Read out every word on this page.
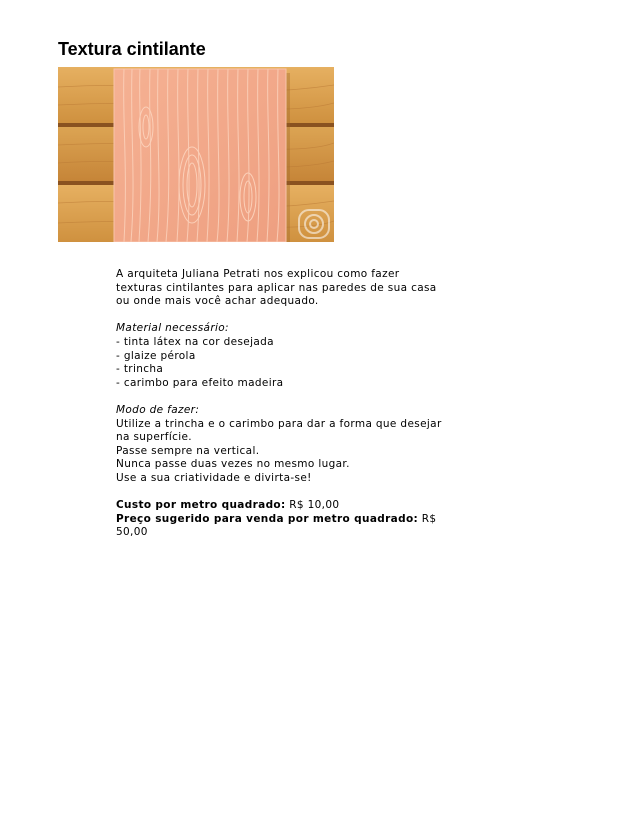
Textura cintilante

A arquiteta Juliana Petrati nos explicou como fazer texturas cintilantes para aplicar nas paredes de sua casa ou onde mais você achar adequado.

Material necessário:
- tinta látex na cor desejada
- glaize pérola
- trincha
- carimbo para efeito madeira
Modo de fazer:
Utilize a trincha e o carimbo para dar a forma que desejar na superfície.
Passe sempre na vertical.
Nunca passe duas vezes no mesmo lugar.
Use a sua criatividade e divirta-se!
Custo por metro quadrado: R$ 10,00
Preço sugerido para venda por metro quadrado: R$ 50,00
